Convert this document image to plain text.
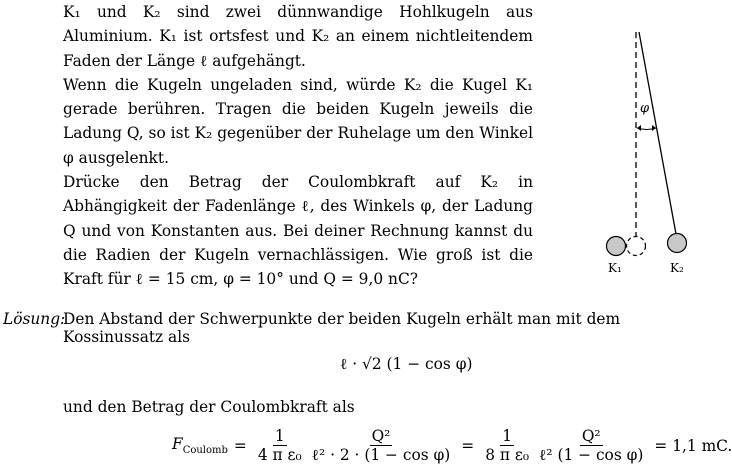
K₁ und K₂ sind zwei dünnwandige Hohlkugeln aus Aluminium. K₁ ist ortsfest und K₂ an einem nichtleitendem Faden der Länge ℓ aufgehängt.

Wenn die Kugeln ungeladen sind, würde K₂ die Kugel K₁ gerade berühren. Tragen die beiden Kugeln jeweils die Ladung Q, so ist K₂ gegenüber der Ruhelage um den Winkel φ ausgelenkt.

Drücke den Betrag der Coulombkraft auf K₂ in Abhängigkeit der Fadenlänge ℓ, des Winkels φ, der Ladung Q und von Konstanten aus. Bei deiner Rechnung kannst du die Radien der Kugeln vernachlässigen. Wie groß ist die Kraft für ℓ = 15 cm, φ = 10° und Q = 9,0 nC?

φ
K₁	K₂
Lösung:
Den Abstand der Schwerpunkte der beiden Kugeln erhält man mit dem Kossinussatz als
ℓ · √2 (1 − cos φ)
und den Betrag der Coulombkraft als
$F_{Coulomb} = \frac{1}{\text{4 π ε₀}} \frac{\text{Q²}}{\text{ℓ² · 2 · (1 − cos φ)}} = \frac{1}{\text{8 π ε₀}} \frac{\text{Q²}}{\text{ℓ² (1 − cos φ)}} = 1,1$ mC.
